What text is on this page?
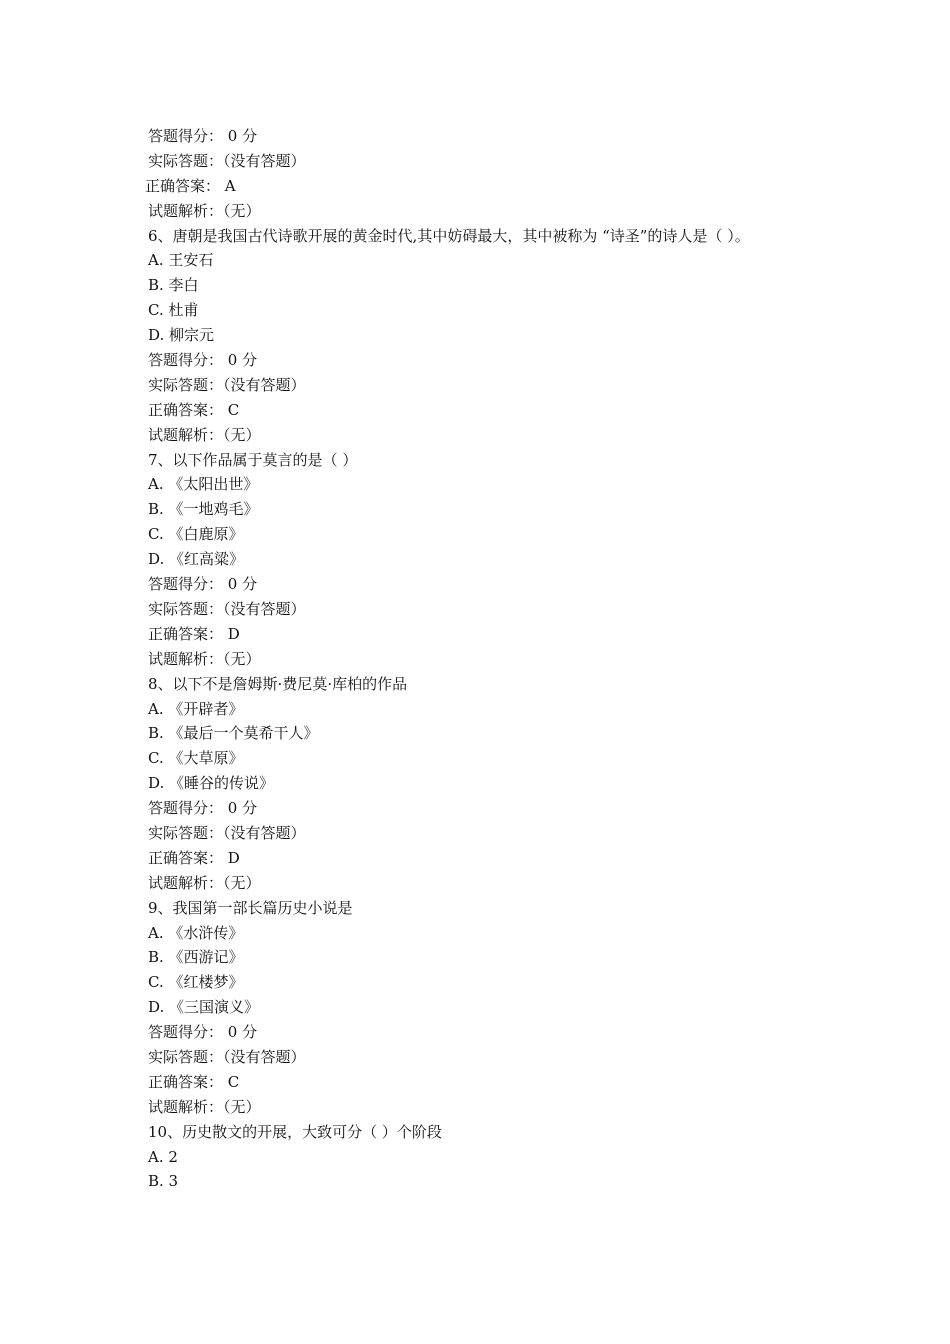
答题得分： 0 分
实际答题：（没有答题）
正确答案： A
试题解析：（无）
6、唐朝是我国古代诗歌开展的黄金时代,其中妨碍最大，其中被称为 “诗圣”的诗人是（ ）。
A. 王安石
B. 李白
C. 杜甫
D. 柳宗元
答题得分： 0 分
实际答题：（没有答题）
正确答案： C
试题解析：（无）
7、以下作品属于莫言的是（ ）
A. 《太阳出世》
B. 《一地鸡毛》
C. 《白鹿原》
D. 《红高粱》
答题得分： 0 分
实际答题：（没有答题）
正确答案： D
试题解析：（无）
8、以下不是詹姆斯·费尼莫·库柏的作品
A. 《开辟者》
B. 《最后一个莫希干人》
C. 《大草原》
D. 《睡谷的传说》
答题得分： 0 分
实际答题：（没有答题）
正确答案： D
试题解析：（无）
9、我国第一部长篇历史小说是
A. 《水浒传》
B. 《西游记》
C. 《红楼梦》
D. 《三国演义》
答题得分： 0 分
实际答题：（没有答题）
正确答案： C
试题解析：（无）
10、历史散文的开展，大致可分（ ）个阶段
A. 2
B. 3
